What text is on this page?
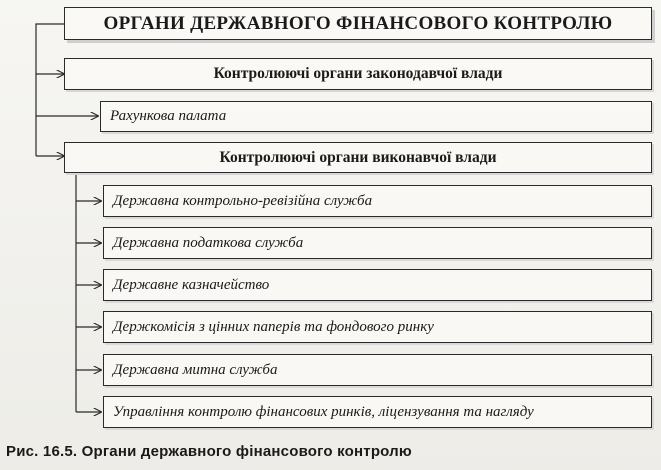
ОРГАНИ ДЕРЖАВНОГО ФІНАНСОВОГО КОНТРОЛЮ
Контролюючі органи законодавчої влади
Рахункова палата
Контролюючі органи виконавчої влади
Державна контрольно-ревізійна служба
Державна податкова служба
Державне казначейство
Держкомісія з цінних паперів та фондового ринку
Державна митна служба
Управління контролю фінансових ринків, ліцензування та нагляду
Рис. 16.5. Органи державного фінансового контролю
